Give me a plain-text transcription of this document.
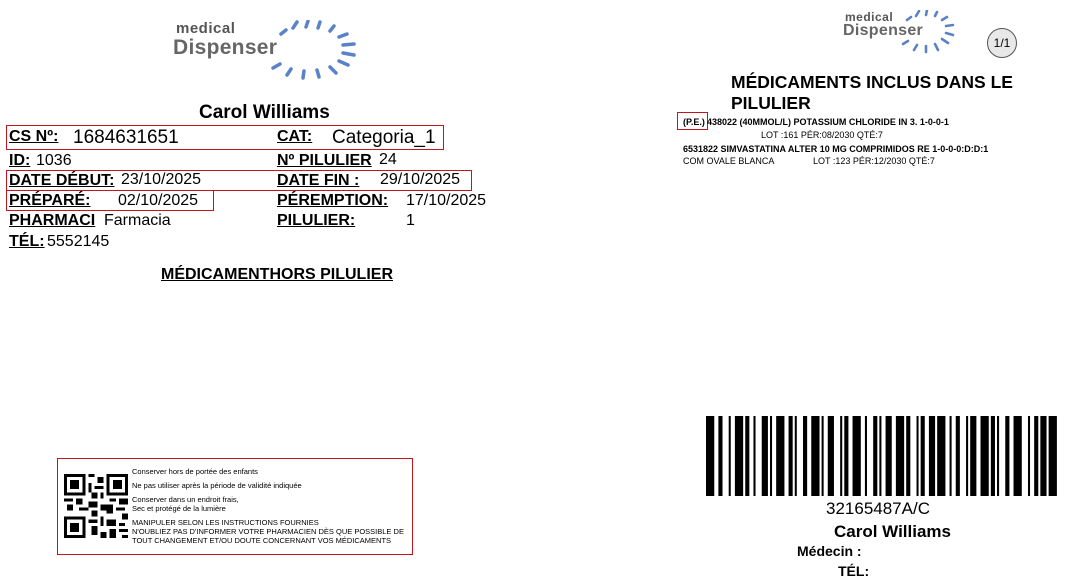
medical
Dispenser
Carol Williams
CS Nº: 1684631651	CAT: Categoria_1
ID: 1036	Nº PILULIER 24
DATE DÉBUT: 23/10/2025	DATE FIN : 29/10/2025
PRÉPARÉ: 02/10/2025	PÉREMPTION: 17/10/2025
PHARMACI Farmacia	PILULIER:	1
TÉL: 5552145
MÉDICAMENTHORS PILULIER
Conserver hors de portée des enfants
Ne pas utiliser après la période de validité indiquée
Conserver dans un endroit frais,
Sec et protégé de la lumière
MANIPULER SELON LES INSTRUCTIONS FOURNIES
N'OUBLIEZ PAS D'INFORMER VOTRE PHARMACIEN DÈS QUE POSSIBLE DE
TOUT CHANGEMENT ET/OU DOUTE CONCERNANT VOS MÉDICAMENTS
medical
Dispenser
1/1
MÉDICAMENTS INCLUS DANS LE PILULIER
(P.E.) 438022 (40MMOL/L) POTASSIUM CHLORIDE IN 3. 1-0-0-1
LOT :161 PÉR:08/2030 QTÉ:7
6531822 SIMVASTATINA ALTER 10 MG COMPRIMIDOS RE 1-0-0-0:D:D:1
COM OVALE BLANCA	LOT :123 PÉR:12/2030 QTÉ:7
32165487A/C
Carol Williams
Médecin :
TÉL:
